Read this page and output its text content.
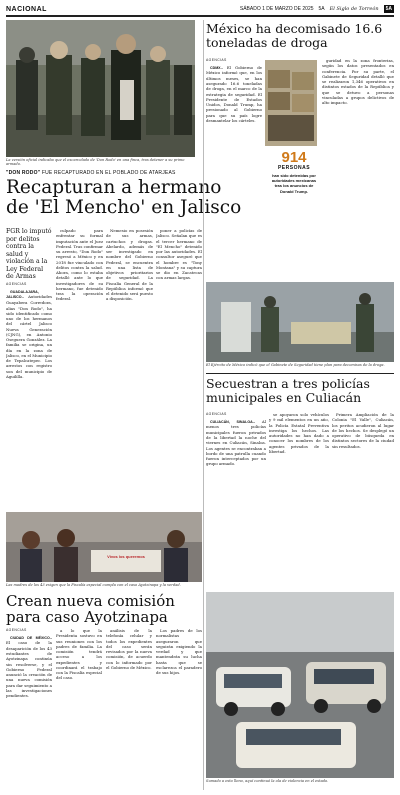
NACIONAL	SÁBADO 1 DE MARZO DE 2025 5A El Siglo de Torreón	5A
La versión oficial indicaba que el excarcelado de 'Don Rodo' en una finca, tras detener a su primo armado.
"DON RODO" FUE RECAPTURADO EN EL POBLADO DE ATARJEAS
Recapturan a hermano de 'El Mencho' en Jalisco
FGR lo imputó por delitos contra la salud y violación a la Ley Federal de Armas
AGENCIAS

GUADALAJARA, JALISCO.- Autoridades Guayabera Corredora, alias "Don Rodo", ha sido identificado como uno de los hermanos del cártel Jalisco Nueva Generación (CJNG), en Antonio Oseguera González. La familia se origina, un día en la zona de Jalisco, en el Municipio de Tepalcatepec. Los arrestos con registro son del municipio de Aguililla.

culpado para enfrentar su formal imputación ante el Juez Federal. Tras confirmar su arresto, "Don Rodo" regresó a México y en 2018 fue vinculado con delitos contra la salud. Ahora, como lo estaba detalló ante lo que investigadores de su hermano, fue detenido tras la operación federal.

Nemesio en posesión de sus armas, cartuchos y drogas. Abelardo, además de ser investigado en nombre del Gobierno Federal, se encuentra en una lista de objetivos prioritarios de seguridad. La Fiscalía General de la República informó que el detenido será puesto a disposición.

poner a policías de Jalisco. Señalan que es el tercer hermano de "El Mencho" detenido por las autoridades. El consultor aseguró que el hombre es "Tony Montana" y su captura se dio en Zacatecas con armas largas.

México ha decomisado 16.6 toneladas de droga
AGENCIAS

CDMX.- El Gobierno de México informó que, en los últimos meses, se han asegurado 16.6 toneladas de droga, en el marco de la estrategia de seguridad. El Presidente de Estados Unidos, Donald Trump, ha presionado al Gobierno para que su país logre desmantelar los cárteles.

914
PERSONAS
han sido detenidas por autoridades mexicanas tras los anuncios de Donald Trump.

guridad en la zona fronteriza, según los datos presentados en conferencia. Por su parte, el Gabinete de Seguridad detalló que se realizaron 1,346 operativos en distintos estados de la República y que se detuvo a personas vinculadas a grupos delictivos de alto impacto.

El Ejército de México indicó que el Gabinete de Seguridad tiene plan para decomisos de la droga.
Secuestran a tres policías municipales en Culiacán
AGENCIAS

CULIACÁN, SINALOA.- Al menos tres policías municipales fueron privados de la libertad la noche del viernes en Culiacán, Sinaloa. Los agentes se encontraban a bordo de una patrulla cuando fueron interceptados por un grupo armado.

se apoyaron solo vehículos y 9 mil elementos en un año, la Policía Estatal Preventiva investiga los hechos. Las autoridades no han dado a conocer los nombres de los agentes privados de la libertad.

Primera Ampliación de la Colonia "El Valle", Culiacán, los peritos acudieron al lugar de los hechos. Se desplegó un operativo de búsqueda en distintos sectores de la ciudad sin resultados.

Sumado a esto lleno, aquí continuó la ola de violencia en el estado.
Vivos los queremos
Las madres de los 43 exigen que la Fiscalía especial cumpla con el caso Ayotzinapa y la verdad.
Crean nueva comisión para caso Ayotzinapa
AGENCIAS

CIUDAD DE MÉXICO.- El caso de la desaparición de los 43 estudiantes de Ayotzinapa continúa sin resolverse, y el Gobierno Federal anunció la creación de una nueva comisión para dar seguimiento a las investigaciones pendientes.

a lo que la Presidenta sostuvo en sus reuniones con los padres de familia. La comisión tendrá acceso a los expedientes y coordinará el trabajo con la Fiscalía especial del caso.

análisis de la telefonía celular y todos los expedientes del caso serán revisados por la nueva comisión, de acuerdo con lo informado por el Gobierno de México.

Los padres de los normalistas aseguraron que seguirán exigiendo la verdad y que mantendrán su lucha hasta que se esclarezca el paradero de sus hijos.
